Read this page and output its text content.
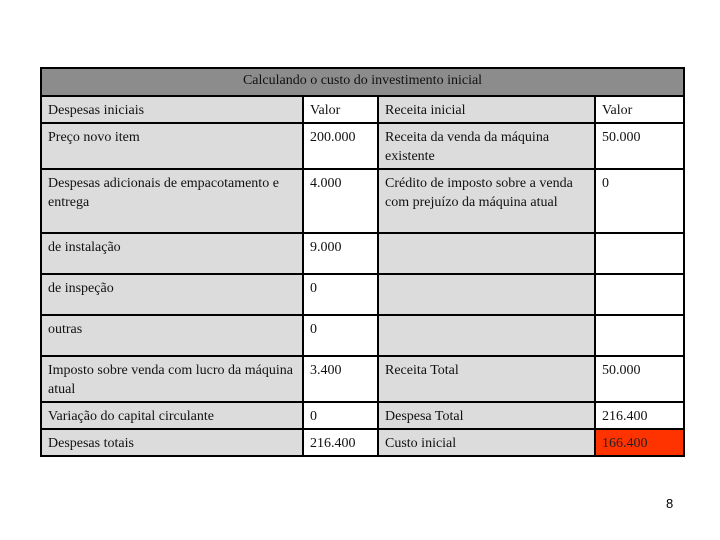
Calculando o custo do investimento inicial			
Despesas iniciais	Valor	Receita inicial	Valor
Preço novo item	200.000	Receita da venda da máquina existente	50.000
Despesas adicionais de empacotamento e entrega	4.000	Crédito de imposto sobre a venda com prejuízo da máquina atual	0
de instalação	9.000		
de inspeção	0		
outras	0		
Imposto sobre venda com lucro da máquina atual	3.400	Receita Total	50.000
Variação do capital circulante	0	Despesa Total	216.400
Despesas totais	216.400	Custo inicial	166.400
8
